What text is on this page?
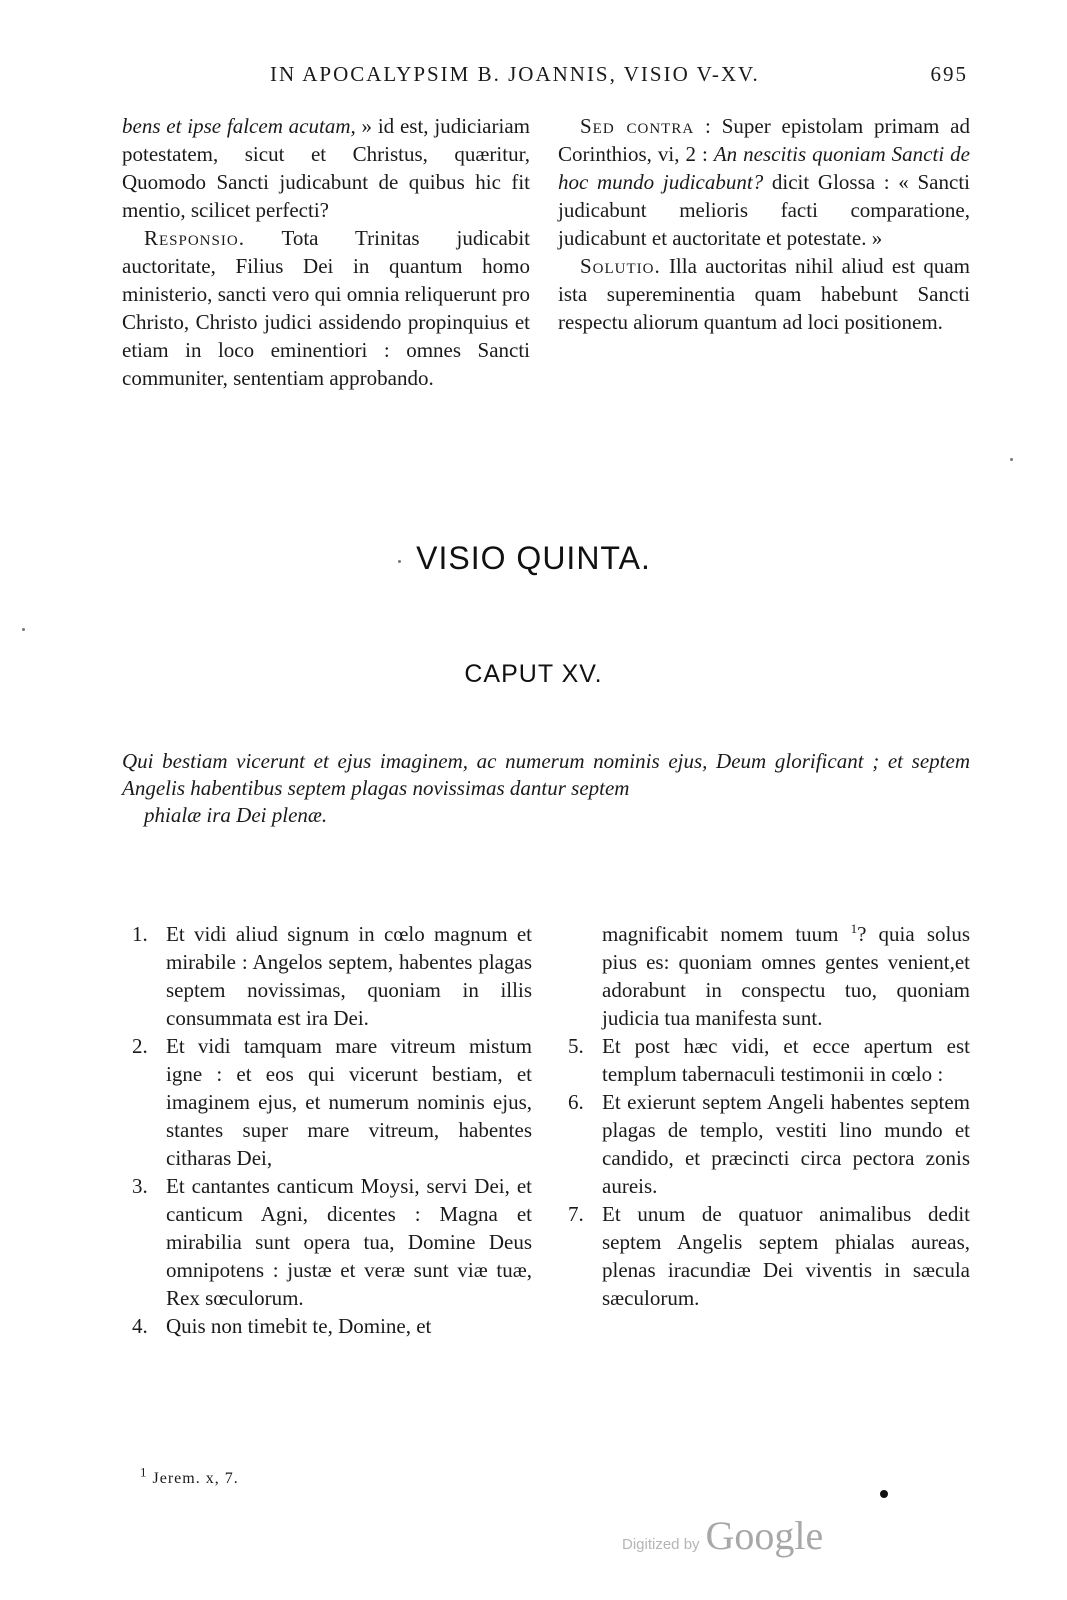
IN APOCALYPSIM B. JOANNIS, VISIO V-XV.	695

bens et ipse falcem acutam, » id est, judiciariam potestatem, sicut et Christus, quæritur, Quomodo Sancti judicabunt de quibus hic fit mentio, scilicet perfecti?

Responsio. Tota Trinitas judicabit auctoritate, Filius Dei in quantum homo ministerio, sancti vero qui omnia reliquerunt pro Christo, Christo judici assidendo propinquius et etiam in loco eminentiori : omnes Sancti communiter, sententiam approbando.

Sed contra : Super epistolam primam ad Corinthios, vi, 2 : An nescitis quoniam Sancti de hoc mundo judicabunt? dicit Glossa : « Sancti judicabunt melioris facti comparatione, judicabunt et auctoritate et potestate. »

Solutio. Illa auctoritas nihil aliud est quam ista supereminentia quam habebunt Sancti respectu aliorum quantum ad loci positionem.

VISIO QUINTA.
CAPUT XV.
Qui bestiam vicerunt et ejus imaginem, ac numerum nominis ejus, Deum glorificant ; et septem Angelis habentibus septem plagas novissimas dantur septem
phialæ ira Dei plenæ.
1. Et vidi aliud signum in cœlo magnum et mirabile : Angelos septem, habentes plagas septem novissimas, quoniam in illis consummata est ira Dei.
2. Et vidi tamquam mare vitreum mistum igne : et eos qui vicerunt bestiam, et imaginem ejus, et numerum nominis ejus, stantes super mare vitreum, habentes citharas Dei,
3. Et cantantes canticum Moysi, servi Dei, et canticum Agni, dicentes : Magna et mirabilia sunt opera tua, Domine Deus omnipotens : justæ et veræ sunt viæ tuæ, Rex sœculorum.
4. Quis non timebit te, Domine, et
magnificabit nomem tuum $^1$? quia solus pius es: quoniam omnes gentes venient,et adorabunt in conspectu tuo, quoniam judicia tua manifesta sunt.
5. Et post hæc vidi, et ecce apertum est templum tabernaculi testimonii in cœlo :
6. Et exierunt septem Angeli habentes septem plagas de templo, vestiti lino mundo et candido, et præcincti circa pectora zonis aureis.
7. Et unum de quatuor animalibus dedit septem Angelis septem phialas aureas, plenas iracundiæ Dei viventis in sæcula sæculorum.
$^1$ Jerem. x, 7.
Digitized by Google
